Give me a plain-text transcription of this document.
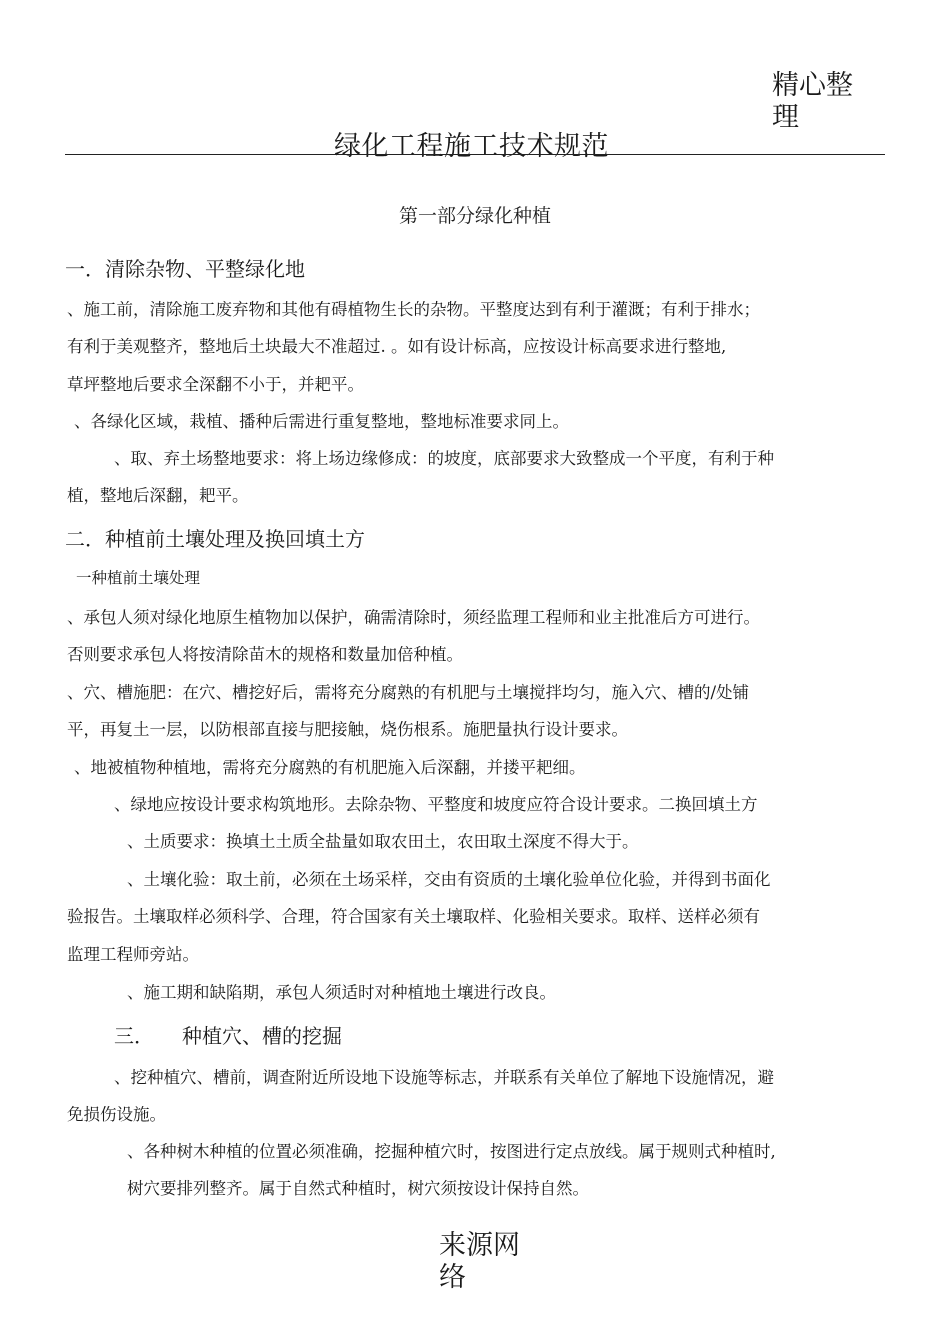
精心整理
绿化工程施工技术规范
第一部分绿化种植
一．清除杂物、平整绿化地
、施工前，清除施工废弃物和其他有碍植物生长的杂物。平整度达到有利于灌溉；有利于排水；
有利于美观整齐，整地后土块最大不准超过. 。如有设计标高，应按设计标高要求进行整地,
草坪整地后要求全深翻不小于，并耙平。
、各绿化区域，栽植、播种后需进行重复整地，整地标准要求同上。
、取、弃土场整地要求：将上场边缘修成：的坡度，底部要求大致整成一个平度，有利于种
植，整地后深翻，耙平。
二．种植前土壤处理及换回填土方
一种植前土壤处理
、承包人须对绿化地原生植物加以保护，确需清除时，须经监理工程师和业主批准后方可进行。
否则要求承包人将按清除苗木的规格和数量加倍种植。
、穴、槽施肥：在穴、槽挖好后，需将充分腐熟的有机肥与土壤搅拌均匀，施入穴、槽的/处铺
平，再复土一层，以防根部直接与肥接触，烧伤根系。施肥量执行设计要求。
、地被植物种植地，需将充分腐熟的有机肥施入后深翻，并搂平耙细。
、绿地应按设计要求构筑地形。去除杂物、平整度和坡度应符合设计要求。二换回填土方
、土质要求：换填土土质全盐量如取农田土，农田取土深度不得大于。
、土壤化验：取土前，必须在土场采样，交由有资质的土壤化验单位化验，并得到书面化
验报告。土壤取样必须科学、合理，符合国家有关土壤取样、化验相关要求。取样、送样必须有
监理工程师旁站。
、施工期和缺陷期，承包人须适时对种植地土壤进行改良。
三． 种植穴、槽的挖掘
、挖种植穴、槽前，调查附近所设地下设施等标志，并联系有关单位了解地下设施情况，避
免损伤设施。
、各种树木种植的位置必须准确，挖掘种植穴时，按图进行定点放线。属于规则式种植时,
树穴要排列整齐。属于自然式种植时，树穴须按设计保持自然。
来源网络
